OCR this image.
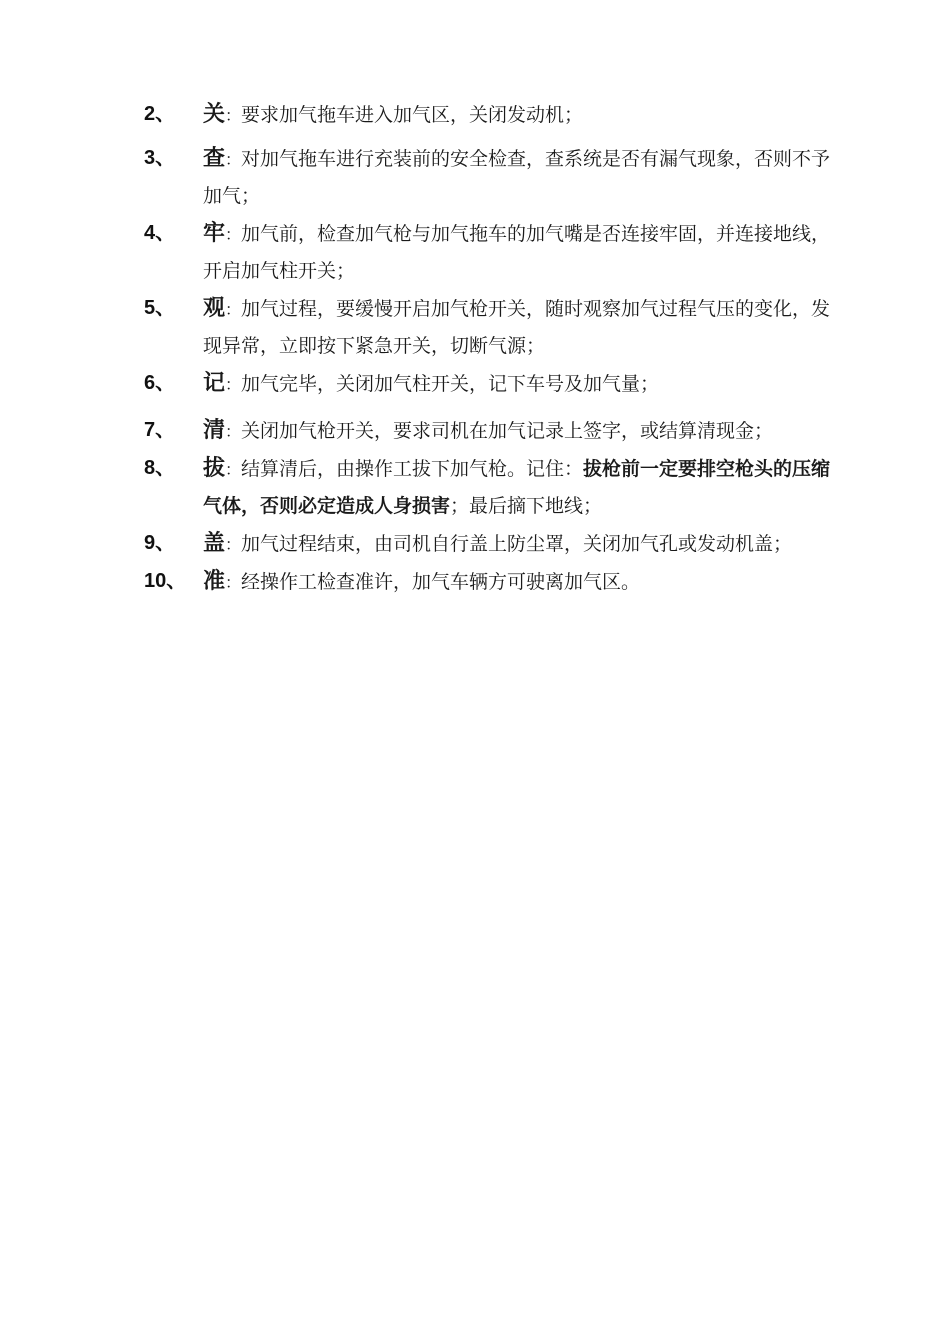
2、 关：要求加气拖车进入加气区，关闭发动机；
3、 查：对加气拖车进行充装前的安全检查，查系统是否有漏气现象，否则不予加气；
4、 牢：加气前，检查加气枪与加气拖车的加气嘴是否连接牢固，并连接地线，开启加气柱开关；
5、 观：加气过程，要缓慢开启加气枪开关，随时观察加气过程气压的变化，发现异常，立即按下紧急开关，切断气源；
6、 记：加气完毕，关闭加气柱开关，记下车号及加气量；
7、 清：关闭加气枪开关，要求司机在加气记录上签字，或结算清现金；
8、 拔：结算清后，由操作工拔下加气枪。记住：拔枪前一定要排空枪头的压缩气体，否则必定造成人身损害；最后摘下地线；
9、 盖：加气过程结束，由司机自行盖上防尘罩，关闭加气孔或发动机盖；
10、 准：经操作工检查准许，加气车辆方可驶离加气区。
